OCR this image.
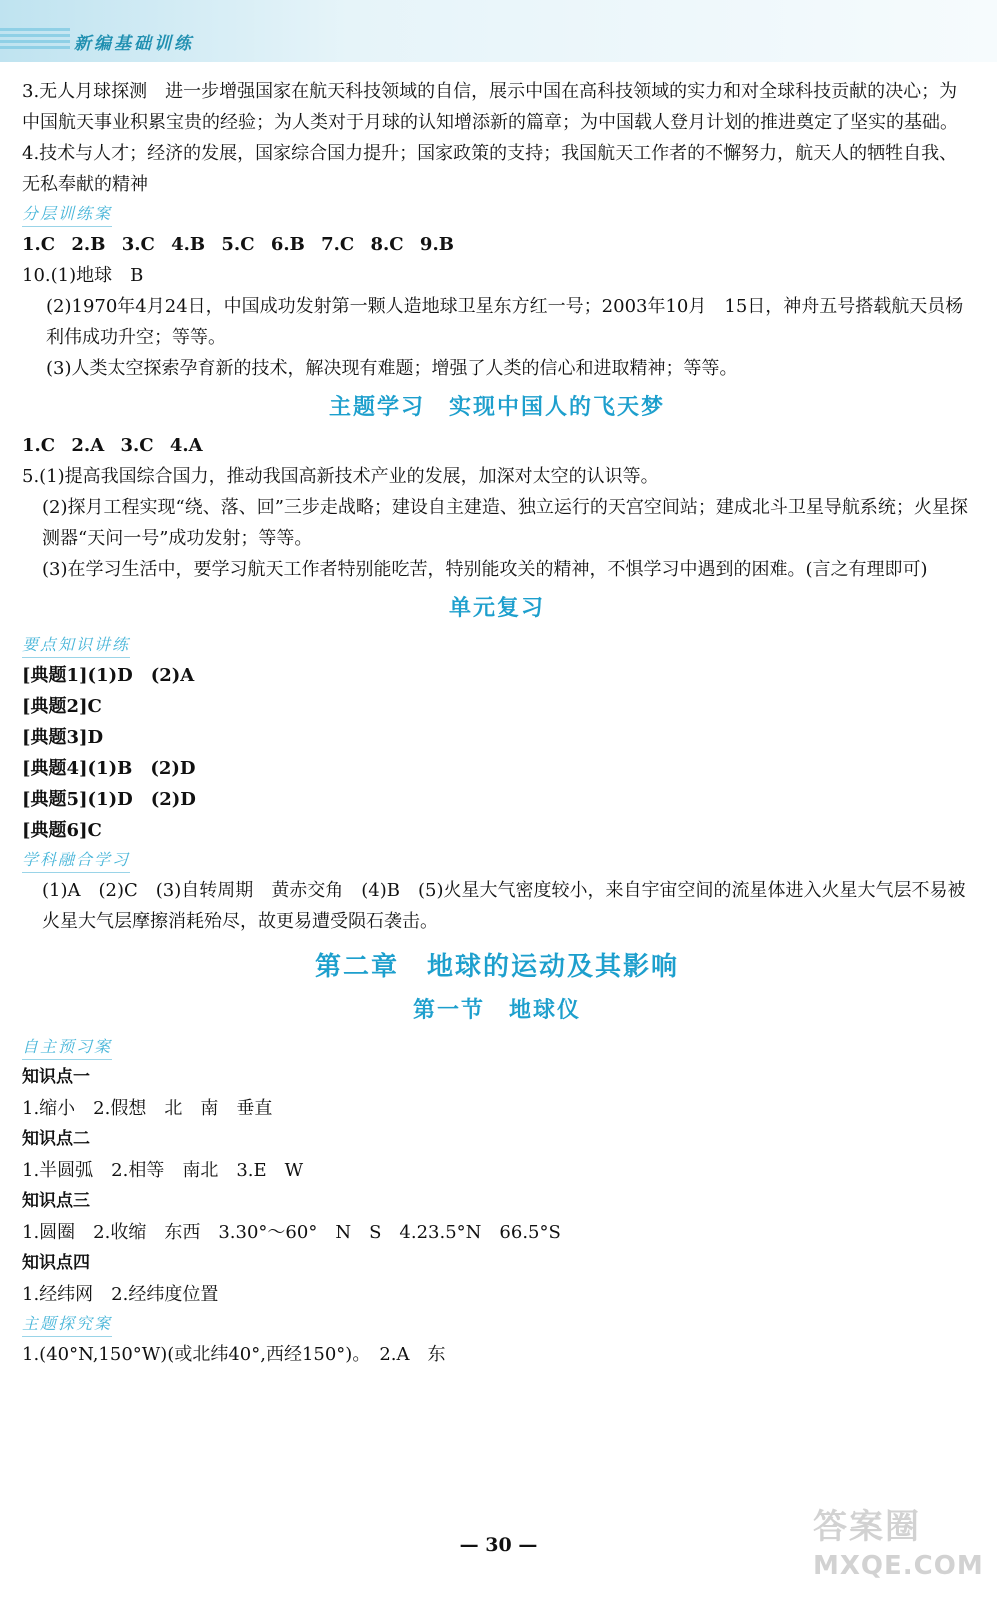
新编基础训练

3.无人月球探测　进一步增强国家在航天科技领域的自信，展示中国在高科技领域的实力和对全球科技贡献的决心；为中国航天事业积累宝贵的经验；为人类对于月球的认知增添新的篇章；为中国载人登月计划的推进奠定了坚实的基础。

4.技术与人才；经济的发展，国家综合国力提升；国家政策的支持；我国航天工作者的不懈努力，航天人的牺牲自我、无私奉献的精神

分层训练案

1.C 2.B 3.C 4.B 5.C 6.B 7.C 8.C 9.B

10.(1)地球　B

(2)1970年4月24日，中国成功发射第一颗人造地球卫星东方红一号；2003年10月　15日，神舟五号搭载航天员杨利伟成功升空；等等。

(3)人类太空探索孕育新的技术，解决现有难题；增强了人类的信心和进取精神；等等。

主题学习　实现中国人的飞天梦

1.C 2.A 3.C 4.A

5.(1)提高我国综合国力，推动我国高新技术产业的发展，加深对太空的认识等。

(2)探月工程实现“绕、落、回”三步走战略；建设自主建造、独立运行的天宫空间站；建成北斗卫星导航系统；火星探测器“天问一号”成功发射；等等。

(3)在学习生活中，要学习航天工作者特别能吃苦，特别能攻关的精神，不惧学习中遇到的困难。(言之有理即可)

单元复习
要点知识讲练

[典题1](1)D　(2)A

[典题2]C

[典题3]D

[典题4](1)B　(2)D

[典题5](1)D　(2)D

[典题6]C

学科融合学习

(1)A　(2)C　(3)自转周期　黄赤交角　(4)B　(5)火星大气密度较小，来自宇宙空间的流星体进入火星大气层不易被火星大气层摩擦消耗殆尽，故更易遭受陨石袭击。

第二章　地球的运动及其影响
第一节　地球仪
自主预习案

知识点一

1.缩小　2.假想　北　南　垂直

知识点二

1.半圆弧　2.相等　南北　3.E　W

知识点三

1.圆圈　2.收缩　东西　3.30°～60°　N　S　4.23.5°N　66.5°S

知识点四

1.经纬网　2.经纬度位置

主题探究案

1.(40°N,150°W)(或北纬40°,西经150°)。　2.A　东

— 30 —	答案圈
MXQE.COM
